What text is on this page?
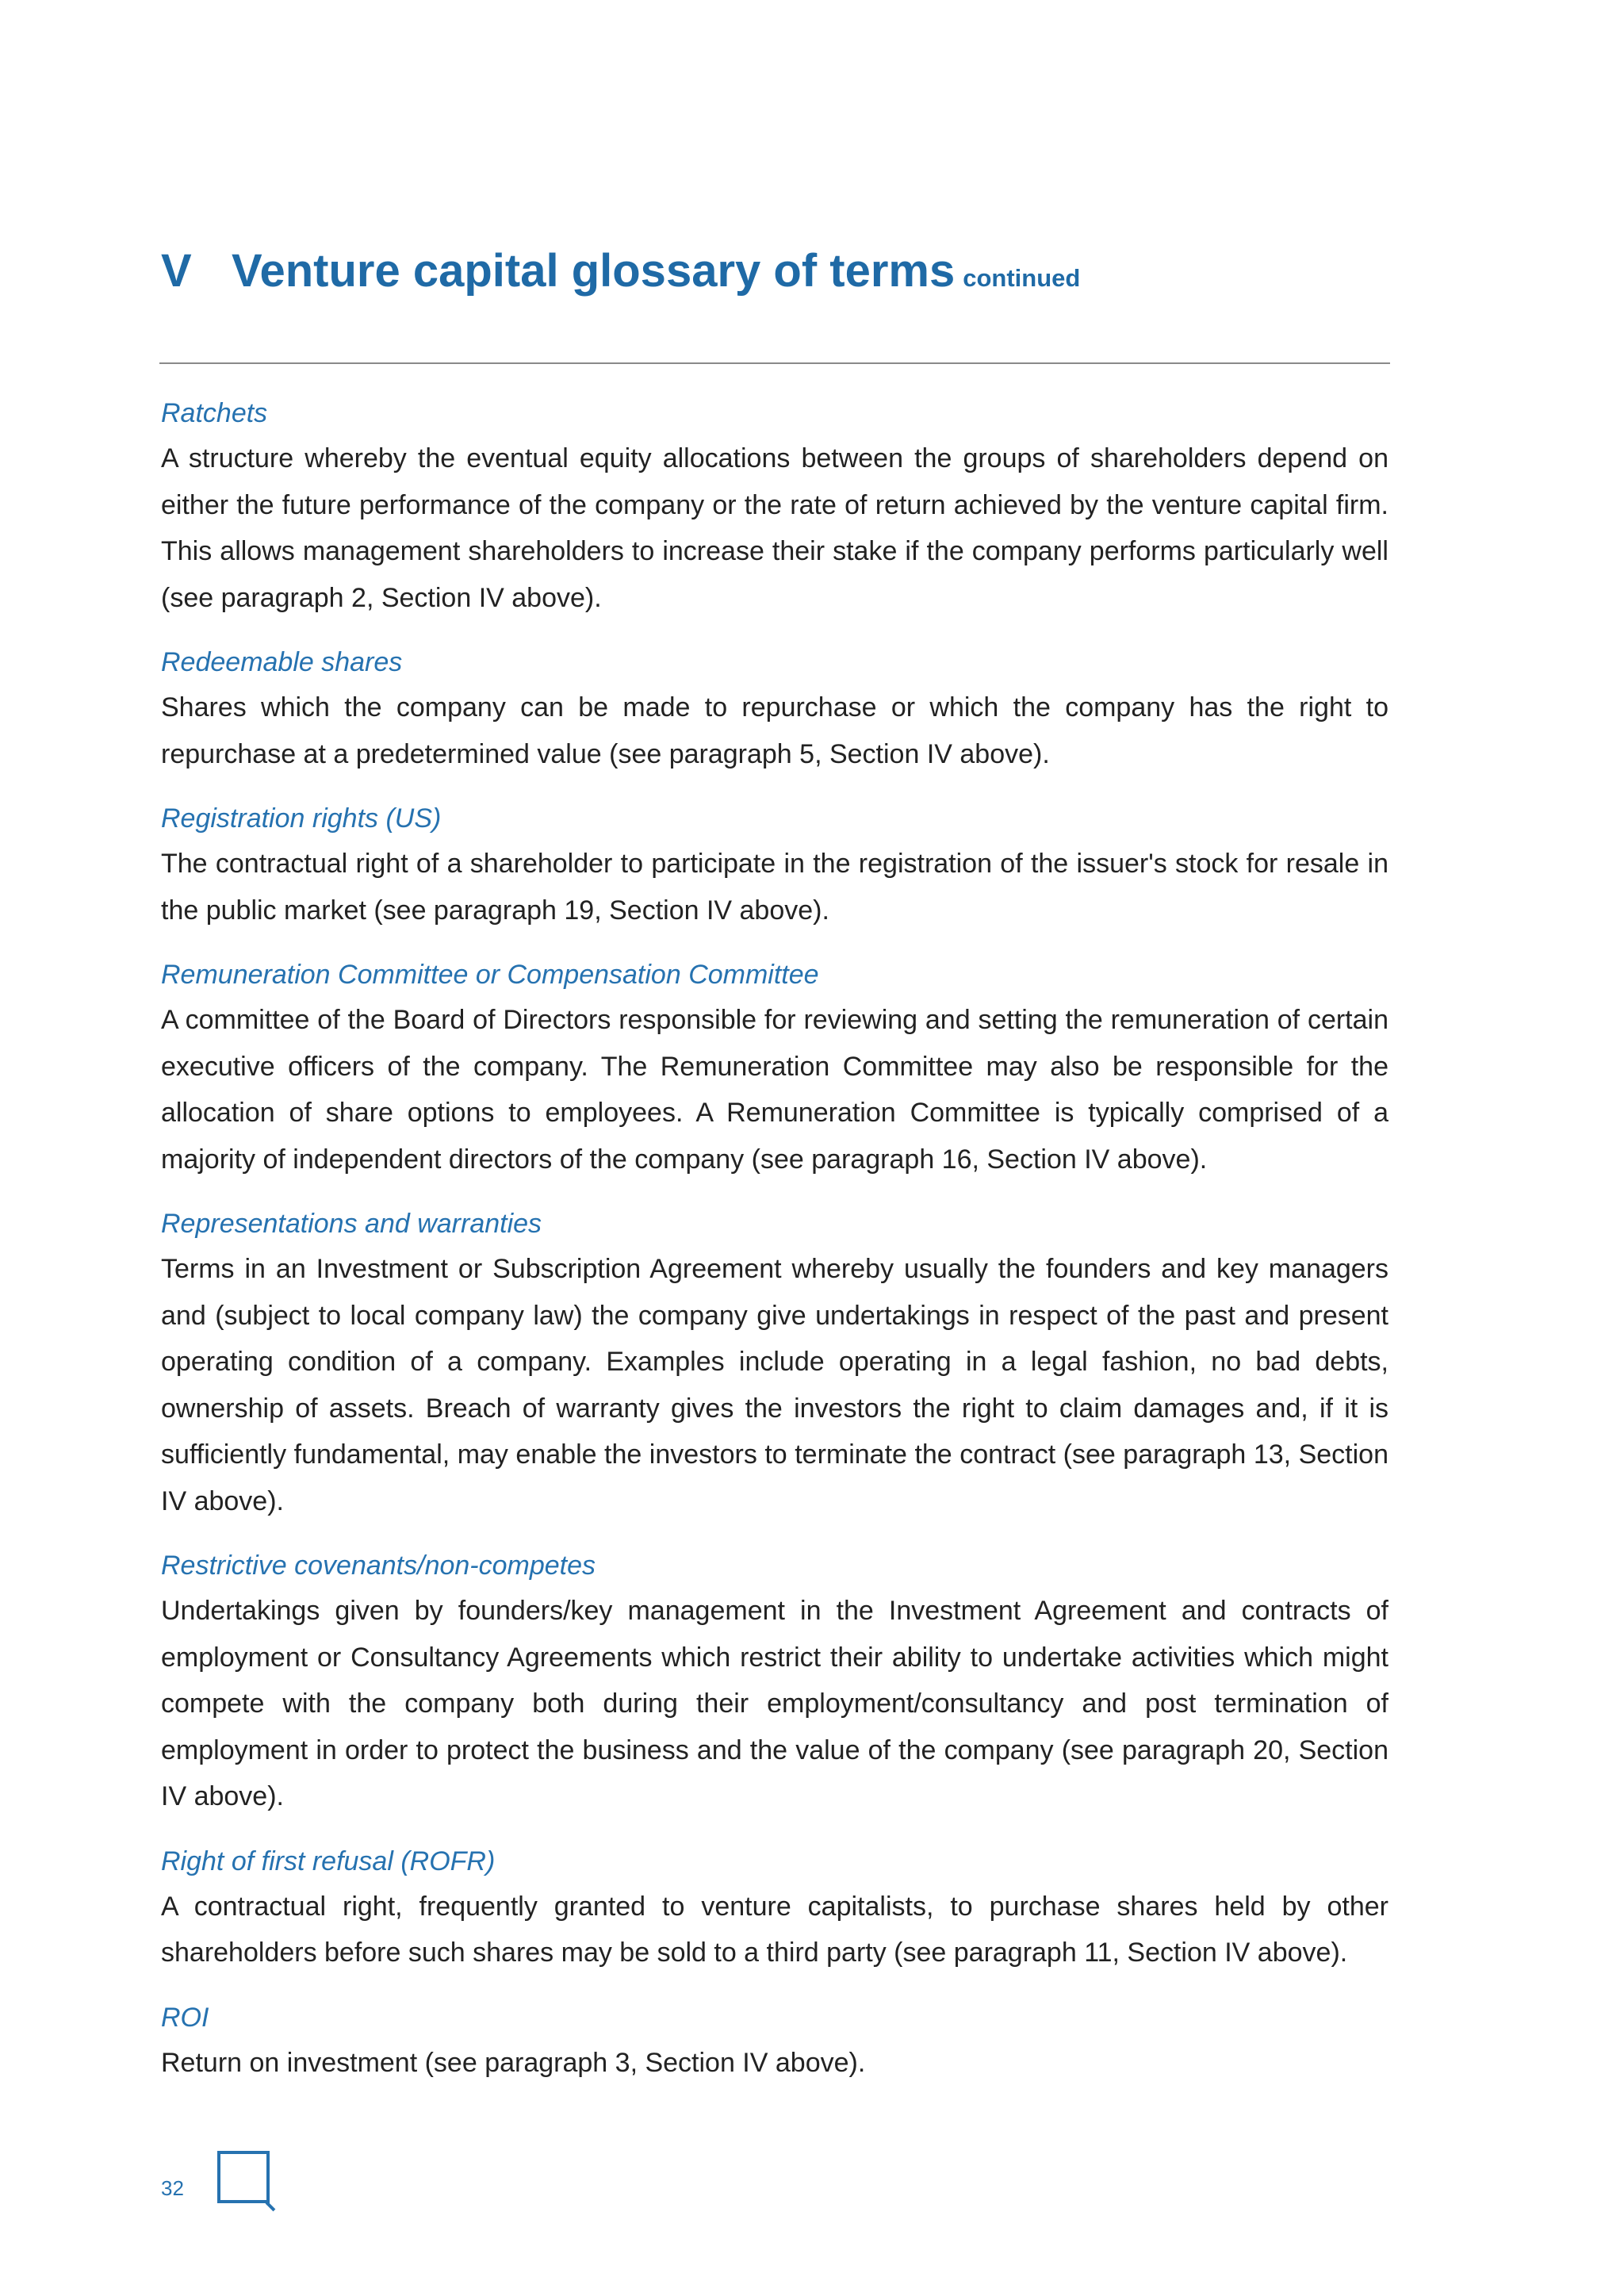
V Venture capital glossary of terms continued

Ratchets

A structure whereby the eventual equity allocations between the groups of shareholders depend on either the future performance of the company or the rate of return achieved by the venture capital firm. This allows management shareholders to increase their stake if the company performs particularly well (see paragraph 2, Section IV above).

Redeemable shares

Shares which the company can be made to repurchase or which the company has the right to repurchase at a predetermined value (see paragraph 5, Section IV above).

Registration rights (US)

The contractual right of a shareholder to participate in the registration of the issuer's stock for resale in the public market (see paragraph 19, Section IV above).

Remuneration Committee or Compensation Committee

A committee of the Board of Directors responsible for reviewing and setting the remuneration of certain executive officers of the company. The Remuneration Committee may also be responsible for the allocation of share options to employees. A Remuneration Committee is typically comprised of a majority of independent directors of the company (see paragraph 16, Section IV above).

Representations and warranties

Terms in an Investment or Subscription Agreement whereby usually the founders and key managers and (subject to local company law) the company give undertakings in respect of the past and present operating condition of a company. Examples include operating in a legal fashion, no bad debts, ownership of assets. Breach of warranty gives the investors the right to claim damages and, if it is sufficiently fundamental, may enable the investors to terminate the contract (see paragraph 13, Section IV above).

Restrictive covenants/non-competes

Undertakings given by founders/key management in the Investment Agreement and contracts of employment or Consultancy Agreements which restrict their ability to undertake activities which might compete with the company both during their employment/consultancy and post termination of employment in order to protect the business and the value of the company (see paragraph 20, Section IV above).

Right of first refusal (ROFR)

A contractual right, frequently granted to venture capitalists, to purchase shares held by other shareholders before such shares may be sold to a third party (see paragraph 11, Section IV above).

ROI

Return on investment (see paragraph 3, Section IV above).

32
